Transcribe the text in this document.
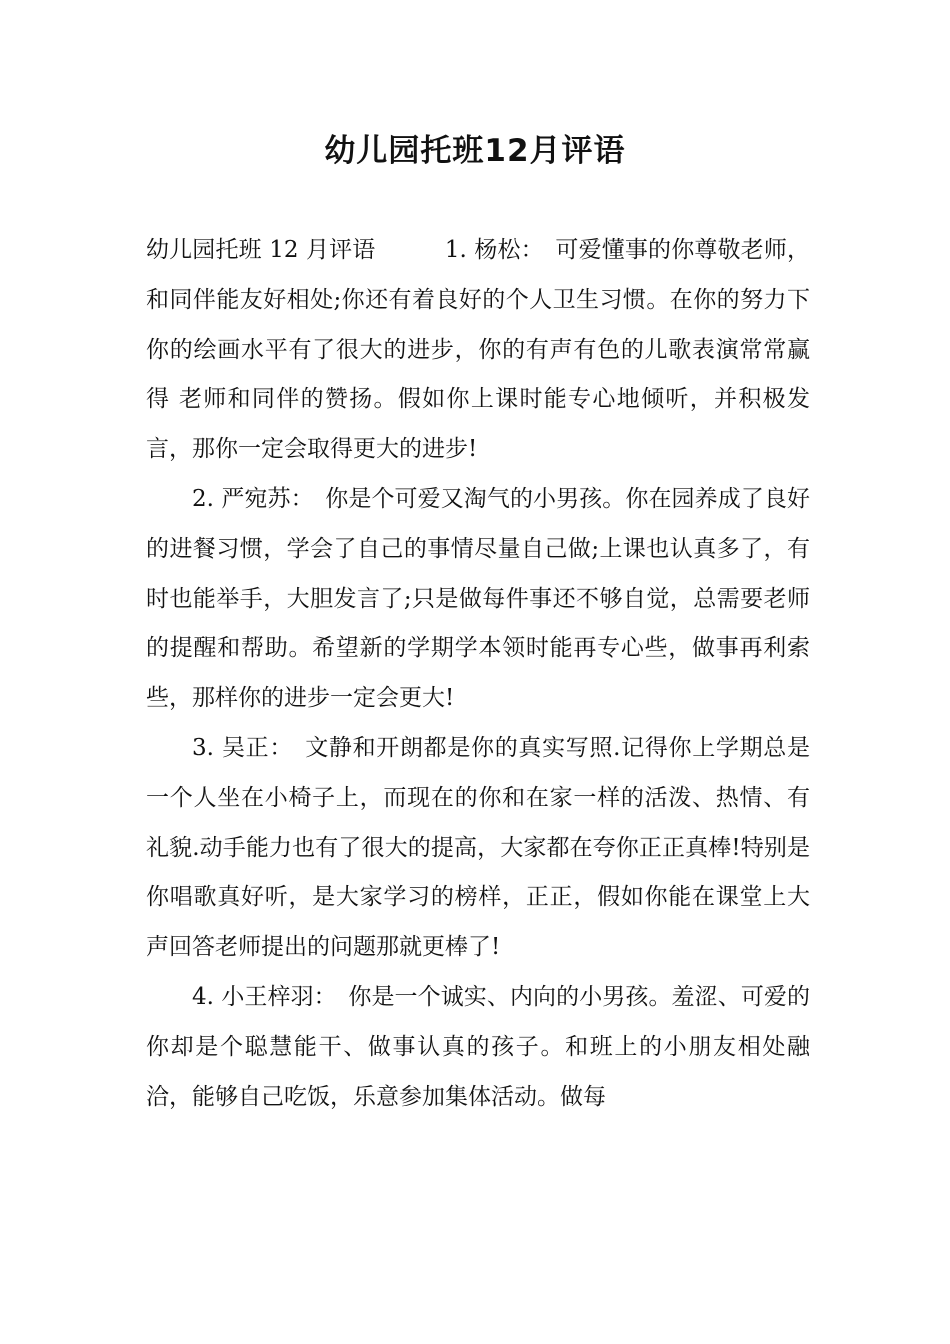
幼儿园托班12月评语

幼儿园托班 12 月评语　　　1. 杨松：　可爱懂事的你尊敬老师，和同伴能友好相处;你还有着良好的个人卫生习惯。在你的努力下你的绘画水平有了很大的进步，你的有声有色的儿歌表演常常赢得 老师和同伴的赞扬。假如你上课时能专心地倾听，并积极发言，那你一定会取得更大的进步!

2. 严宛苏：　你是个可爱又淘气的小男孩。你在园养成了良好的进餐习惯，学会了自己的事情尽量自己做;上课也认真多了，有时也能举手，大胆发言了;只是做每件事还不够自觉，总需要老师的提醒和帮助。希望新的学期学本领时能再专心些，做事再利索些，那样你的进步一定会更大!

3. 吴正：　文静和开朗都是你的真实写照.记得你上学期总是一个人坐在小椅子上，而现在的你和在家一样的活泼、热情、有礼貌.动手能力也有了很大的提高，大家都在夸你正正真棒!特别是你唱歌真好听，是大家学习的榜样，正正，假如你能在课堂上大声回答老师提出的问题那就更棒了!

4. 小王梓羽：　你是一个诚实、内向的小男孩。羞涩、可爱的你却是个聪慧能干、做事认真的孩子。和班上的小朋友相处融洽，能够自己吃饭，乐意参加集体活动。做每
